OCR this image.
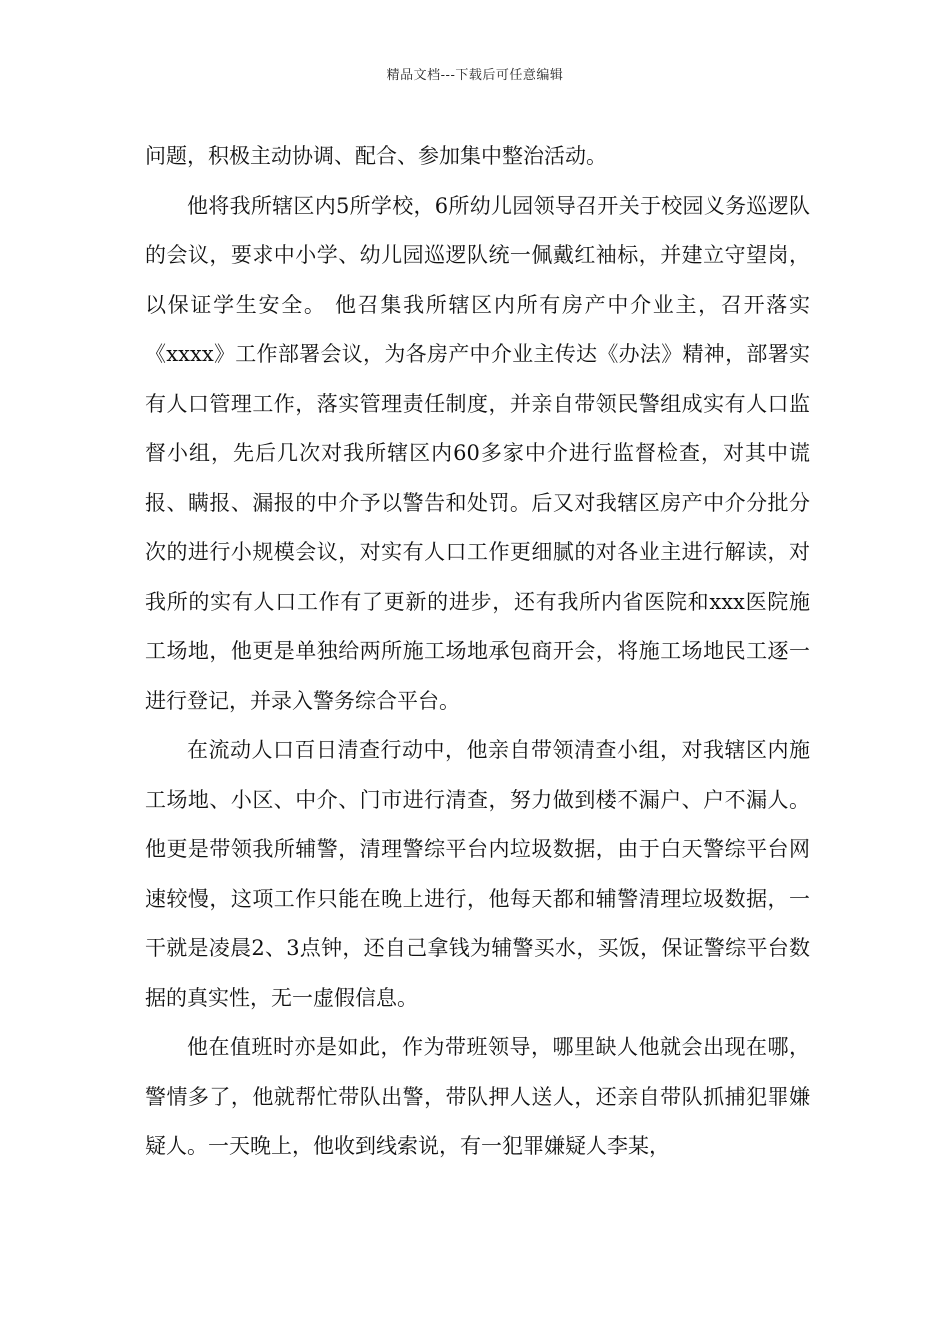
精品文档---下载后可任意编辑

问题，积极主动协调、配合、参加集中整治活动。

他将我所辖区内5所学校，6所幼儿园领导召开关于校园义务巡逻队的会议，要求中小学、幼儿园巡逻队统一佩戴红袖标，并建立守望岗，以保证学生安全。 他召集我所辖区内所有房产中介业主，召开落实《xxxx》工作部署会议，为各房产中介业主传达《办法》精神，部署实有人口管理工作，落实管理责任制度，并亲自带领民警组成实有人口监督小组，先后几次对我所辖区内60多家中介进行监督检查，对其中谎报、瞒报、漏报的中介予以警告和处罚。后又对我辖区房产中介分批分次的进行小规模会议，对实有人口工作更细腻的对各业主进行解读，对我所的实有人口工作有了更新的进步，还有我所内省医院和xxx医院施工场地，他更是单独给两所施工场地承包商开会，将施工场地民工逐一进行登记，并录入警务综合平台。

在流动人口百日清查行动中，他亲自带领清查小组，对我辖区内施工场地、小区、中介、门市进行清查，努力做到楼不漏户、户不漏人。他更是带领我所辅警，清理警综平台内垃圾数据，由于白天警综平台网速较慢，这项工作只能在晚上进行，他每天都和辅警清理垃圾数据，一干就是凌晨2、3点钟，还自己拿钱为辅警买水，买饭，保证警综平台数据的真实性，无一虚假信息。

他在值班时亦是如此，作为带班领导，哪里缺人他就会出现在哪，警情多了，他就帮忙带队出警，带队押人送人，还亲自带队抓捕犯罪嫌疑人。一天晚上，他收到线索说，有一犯罪嫌疑人李某，
